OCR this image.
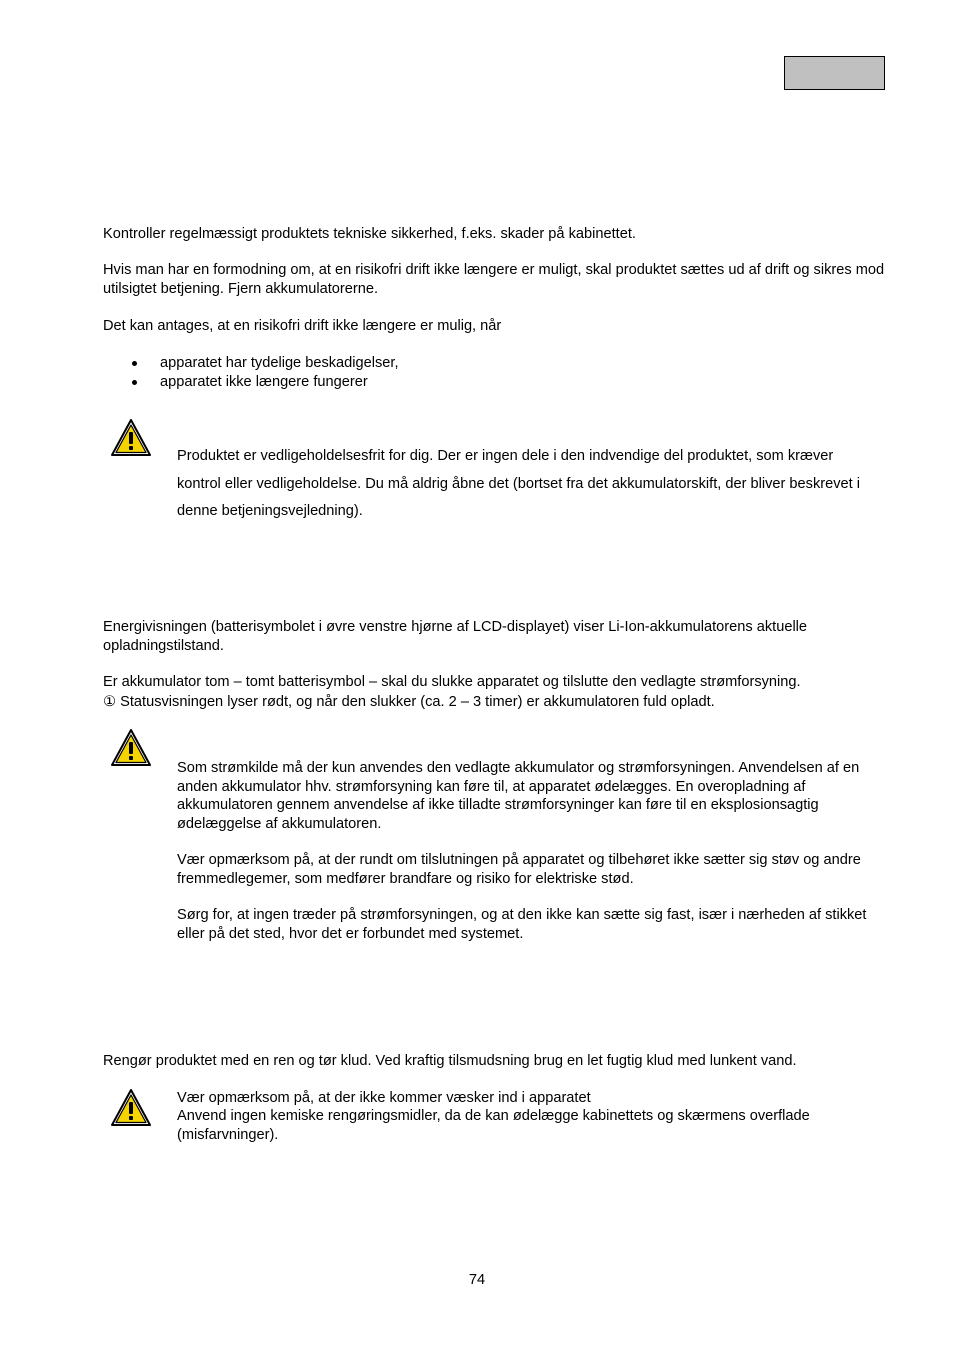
Kontroller regelmæssigt produktets tekniske sikkerhed, f.eks. skader på kabinettet.

Hvis man har en formodning om, at en risikofri drift ikke længere er muligt, skal produktet sættes ud af drift og sikres mod utilsigtet betjening. Fjern akkumulatorerne.

Det kan antages, at en risikofri drift ikke længere er mulig, når

apparatet har tydelige beskadigelser,
apparatet ikke længere fungerer

Produktet er vedligeholdelsesfrit for dig. Der er ingen dele i den indvendige del produktet, som kræver kontrol eller vedligeholdelse. Du må aldrig åbne det (bortset fra det akkumulatorskift, der bliver beskrevet i denne betjeningsvejledning).

Energivisningen (batterisymbolet i øvre venstre hjørne af LCD-displayet) viser Li-Ion-akkumulatorens aktuelle opladningstilstand.

Er akkumulator tom – tomt batterisymbol – skal du slukke apparatet og tilslutte den vedlagte strømforsyning.

① Statusvisningen lyser rødt, og når den slukker (ca. 2 – 3 timer) er akkumulatoren fuld opladt.

Som strømkilde må der kun anvendes den vedlagte akkumulator og strømforsyningen. Anvendelsen af en anden akkumulator hhv. strømforsyning kan føre til, at apparatet ødelægges. En overopladning af akkumulatoren gennem anvendelse af ikke tilladte strømforsyninger kan føre til en eksplosionsagtig ødelæggelse af akkumulatoren.

Vær opmærksom på, at der rundt om tilslutningen på apparatet og tilbehøret ikke sætter sig støv og andre fremmedlegemer, som medfører brandfare og risiko for elektriske stød.

Sørg for, at ingen træder på strømforsyningen, og at den ikke kan sætte sig fast, især i nærheden af stikket eller på det sted, hvor det er forbundet med systemet.

Rengør produktet med en ren og tør klud. Ved kraftig tilsmudsning brug en let fugtig klud med lunkent vand.

Vær opmærksom på, at der ikke kommer væsker ind i apparatet

Anvend ingen kemiske rengøringsmidler, da de kan ødelægge kabinettets og skærmens overflade (misfarvninger).

74
